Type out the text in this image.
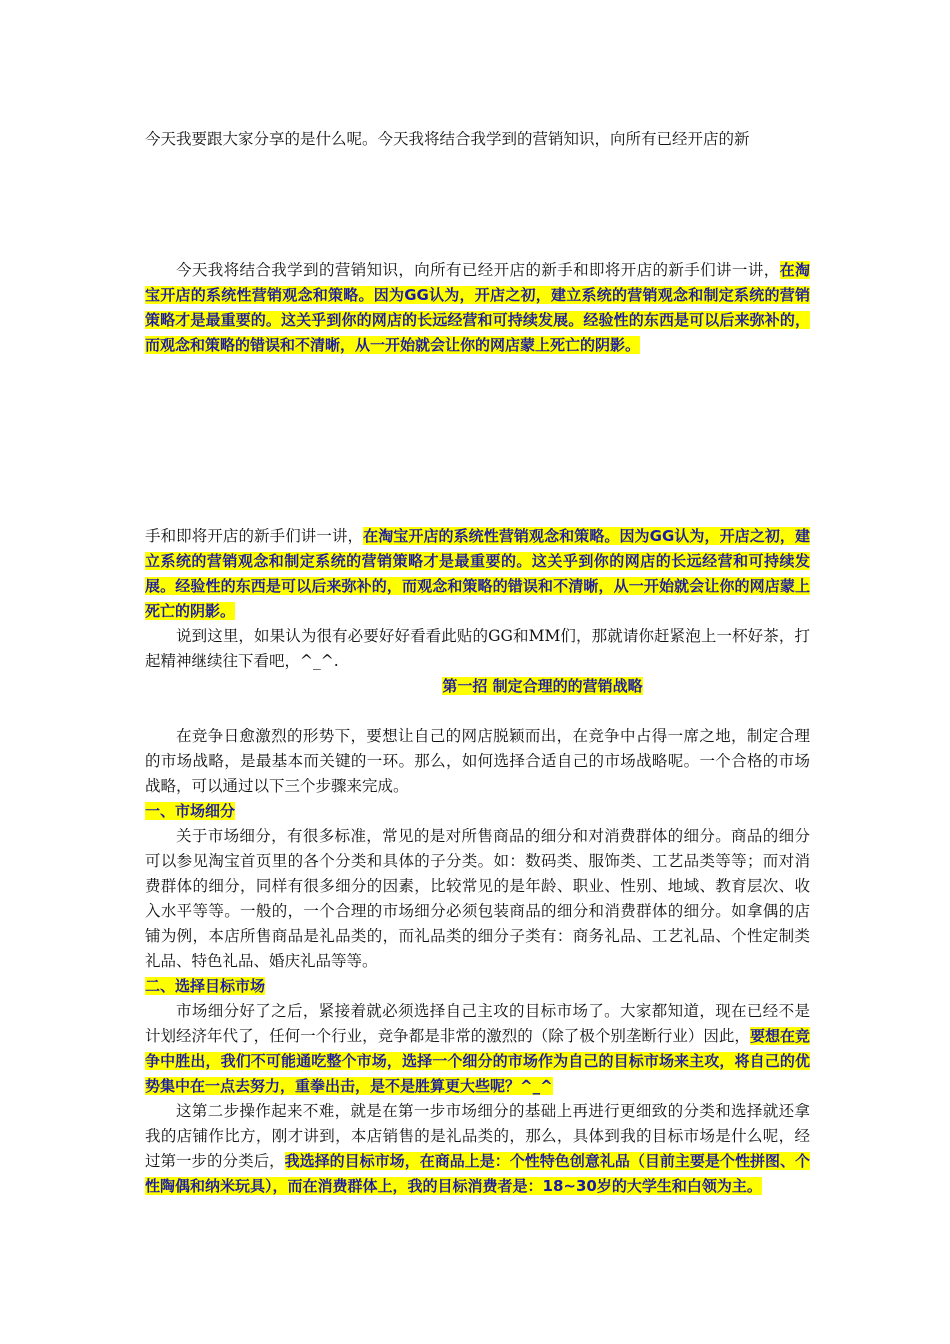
今天我要跟大家分享的是什么呢。今天我将结合我学到的营销知识，向所有已经开店的新

今天我将结合我学到的营销知识，向所有已经开店的新手和即将开店的新手们讲一讲，在淘宝开店的系统性营销观念和策略。因为GG认为，开店之初，建立系统的营销观念和制定系统的营销策略才是最重要的。这关乎到你的网店的长远经营和可持续发展。经验性的东西是可以后来弥补的，而观念和策略的错误和不清晰，从一开始就会让你的网店蒙上死亡的阴影。

手和即将开店的新手们讲一讲，在淘宝开店的系统性营销观念和策略。因为GG认为，开店之初，建立系统的营销观念和制定系统的营销策略才是最重要的。这关乎到你的网店的长远经营和可持续发展。经验性的东西是可以后来弥补的，而观念和策略的错误和不清晰，从一开始就会让你的网店蒙上死亡的阴影。

说到这里，如果认为很有必要好好看看此贴的GG和MM们，那就请你赶紧泡上一杯好茶，打起精神继续往下看吧，^_^.

第一招 制定合理的的营销战略

在竞争日愈激烈的形势下，要想让自己的网店脱颖而出，在竞争中占得一席之地，制定合理的市场战略，是最基本而关键的一环。那么，如何选择合适自己的市场战略呢。一个合格的市场战略，可以通过以下三个步骤来完成。

一、市场细分

关于市场细分，有很多标准，常见的是对所售商品的细分和对消费群体的细分。商品的细分可以参见淘宝首页里的各个分类和具体的子分类。如：数码类、服饰类、工艺品类等等；而对消费群体的细分，同样有很多细分的因素，比较常见的是年龄、职业、性别、地域、教育层次、收入水平等等。一般的，一个合理的市场细分必须包装商品的细分和消费群体的细分。如拿偶的店铺为例，本店所售商品是礼品类的，而礼品类的细分子类有：商务礼品、工艺礼品、个性定制类礼品、特色礼品、婚庆礼品等等。

二、选择目标市场

市场细分好了之后，紧接着就必须选择自己主攻的目标市场了。大家都知道，现在已经不是计划经济年代了，任何一个行业，竞争都是非常的激烈的（除了极个别垄断行业）因此，要想在竞争中胜出，我们不可能通吃整个市场，选择一个细分的市场作为自己的目标市场来主攻，将自己的优势集中在一点去努力，重拳出击，是不是胜算更大些呢？^_^

这第二步操作起来不难，就是在第一步市场细分的基础上再进行更细致的分类和选择就还拿我的店铺作比方，刚才讲到，本店销售的是礼品类的，那么，具体到我的目标市场是什么呢，经过第一步的分类后，我选择的目标市场，在商品上是：个性特色创意礼品（目前主要是个性拼图、个性陶偶和纳米玩具），而在消费群体上，我的目标消费者是：18~30岁的大学生和白领为主。
